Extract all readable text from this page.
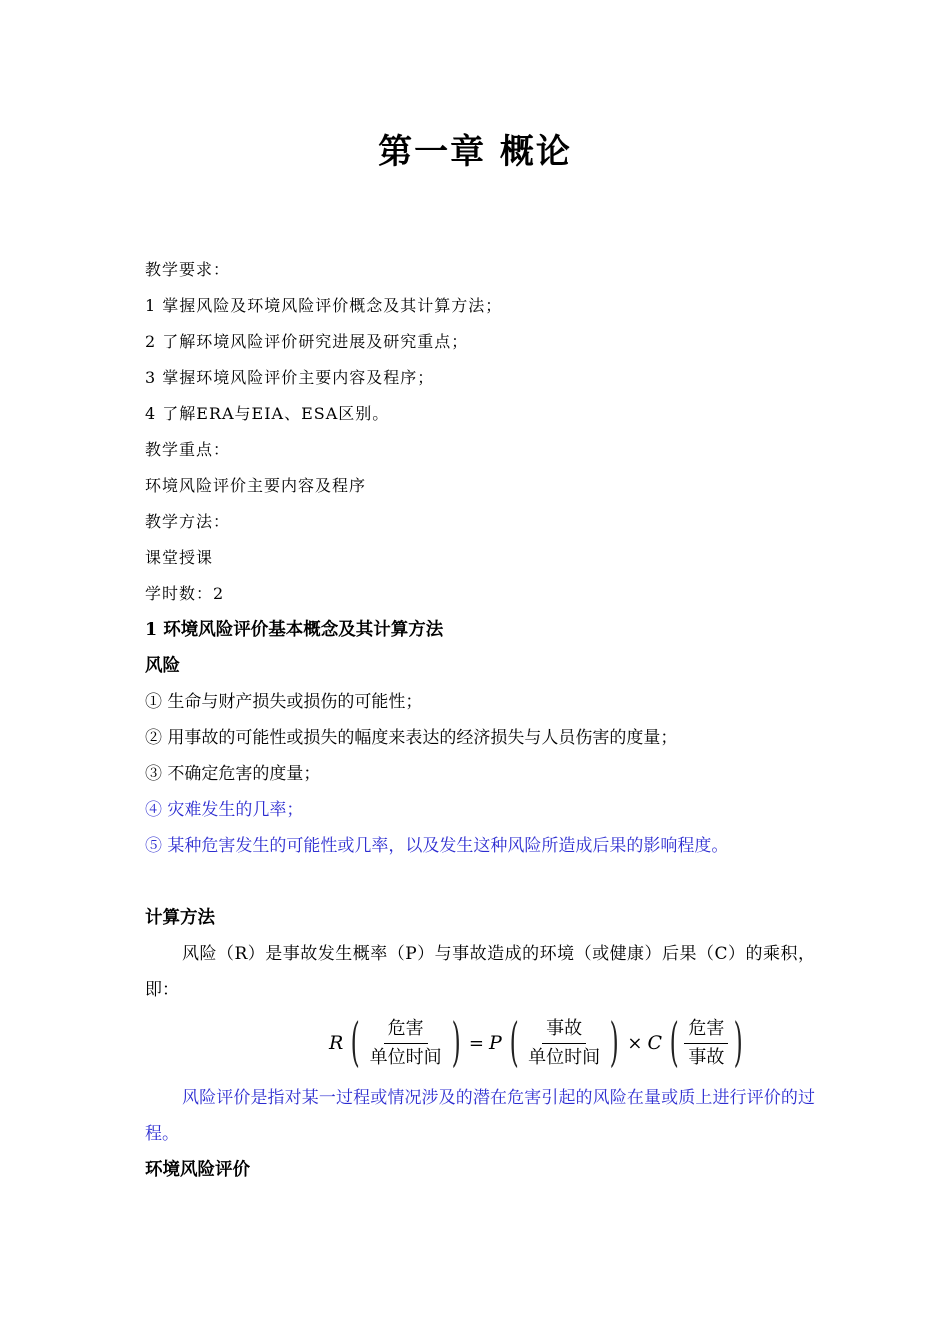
第一章 概论
教学要求：
1 掌握风险及环境风险评价概念及其计算方法；
2 了解环境风险评价研究进展及研究重点；
3 掌握环境风险评价主要内容及程序；
4 了解ERA与EIA、ESA区别。
教学重点：
环境风险评价主要内容及程序
教学方法：
课堂授课
学时数：2
1 环境风险评价基本概念及其计算方法
风险
① 生命与财产损失或损伤的可能性；
② 用事故的可能性或损失的幅度来表达的经济损失与人员伤害的度量；
③ 不确定危害的度量；
④ 灾难发生的几率；
⑤ 某种危害发生的可能性或几率，以及发生这种风险所造成后果的影响程度。
计算方法
风险（R）是事故发生概率（P）与事故造成的环境（或健康）后果（C）的乘积，即：
R ( $\frac{\text{危害}}{\text{单位时间}}$ ) = P ( $\frac{\text{事故}}{\text{单位时间}}$ ) × C ( $\frac{\text{危害}}{\text{事故}}$ )
风险评价是指对某一过程或情况涉及的潜在危害引起的风险在量或质上进行评价的过程。
环境风险评价
